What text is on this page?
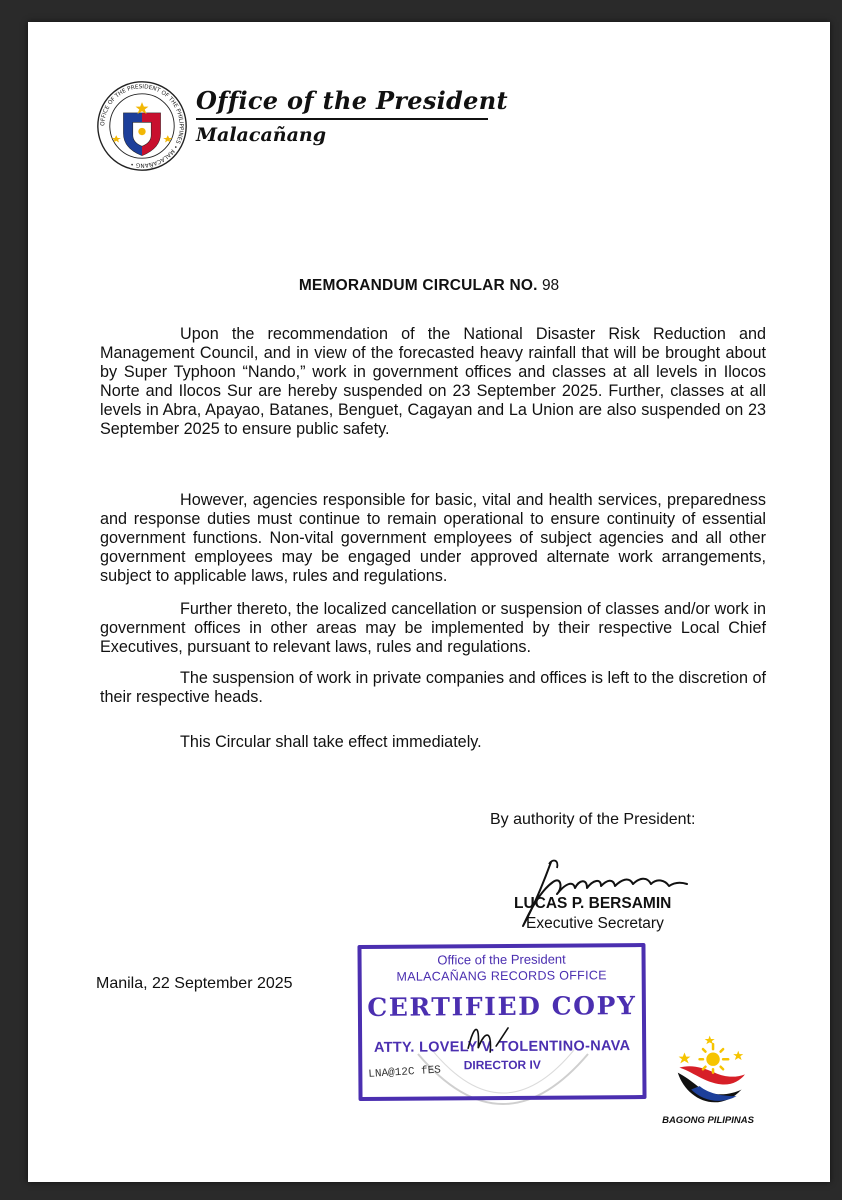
OFFICE OF THE PRESIDENT OF THE PHILIPPINES • MALACAÑANG •
Office of the President
Malacañang
MEMORANDUM CIRCULAR NO. 98

Upon the recommendation of the National Disaster Risk Reduction and Management Council, and in view of the forecasted heavy rainfall that will be brought about by Super Typhoon “Nando,” work in government offices and classes at all levels in Ilocos Norte and Ilocos Sur are hereby suspended on 23 September 2025. Further, classes at all levels in Abra, Apayao, Batanes, Benguet, Cagayan and La Union are also suspended on 23 September 2025 to ensure public safety.

However, agencies responsible for basic, vital and health services, preparedness and response duties must continue to remain operational to ensure continuity of essential government functions. Non-vital government employees of subject agencies and all other government employees may be engaged under approved alternate work arrangements, subject to applicable laws, rules and regulations.

Further thereto, the localized cancellation or suspension of classes and/or work in government offices in other areas may be implemented by their respective Local Chief Executives, pursuant to relevant laws, rules and regulations.

The suspension of work in private companies and offices is left to the discretion of their respective heads.

This Circular shall take effect immediately.

By authority of the President:
LUCAS P. BERSAMIN
Executive Secretary
Manila, 22 September 2025
Office of the President
MALACAÑANG RECORDS OFFICE
CERTIFIED COPY
ATTY. LOVELY V. TOLENTINO-NAVA
DIRECTOR IV
LNA@12C fES
BAGONG PILIPINAS
